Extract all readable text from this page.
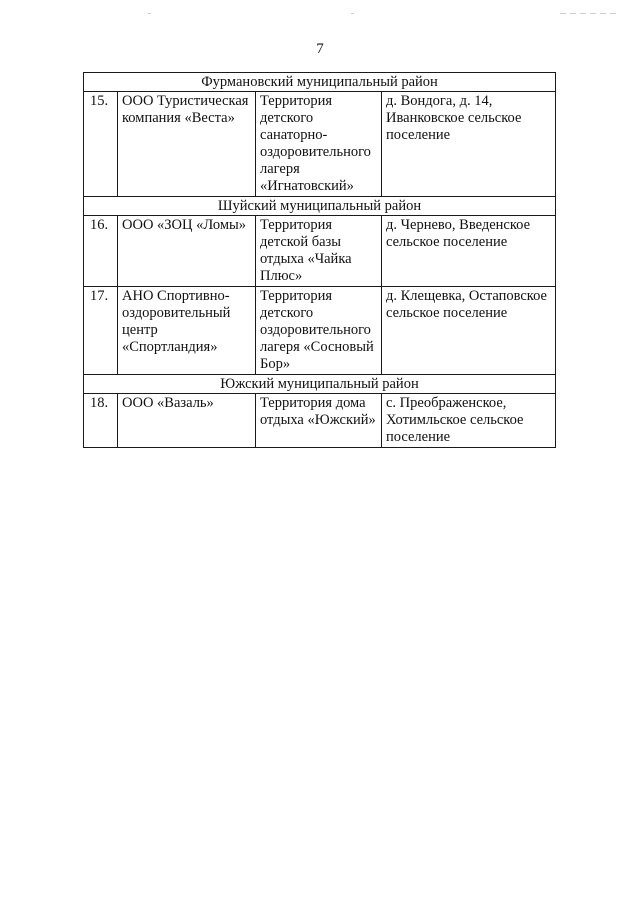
7
Фурмановский муниципальный район			
15.	ООО Туристическая компания «Веста»	Территория детского санаторно-оздоровительного лагеря «Игнатовский»	д. Вондога, д. 14, Иванковское сельское поселение
Шуйский муниципальный район			
16.	ООО «ЗОЦ «Ломы»	Территория детской базы отдыха «Чайка Плюс»	д. Чернево, Введенское сельское поселение
17.	АНО Спортивно-оздоровительный центр «Спортландия»	Территория детского оздоровительного лагеря «Сосновый Бор»	д. Клещевка, Остаповское сельское поселение
Южский муниципальный район			
18.	ООО «Вазаль»	Территория дома отдыха «Южский»	с. Преображенское, Хотимльское сельское поселение
